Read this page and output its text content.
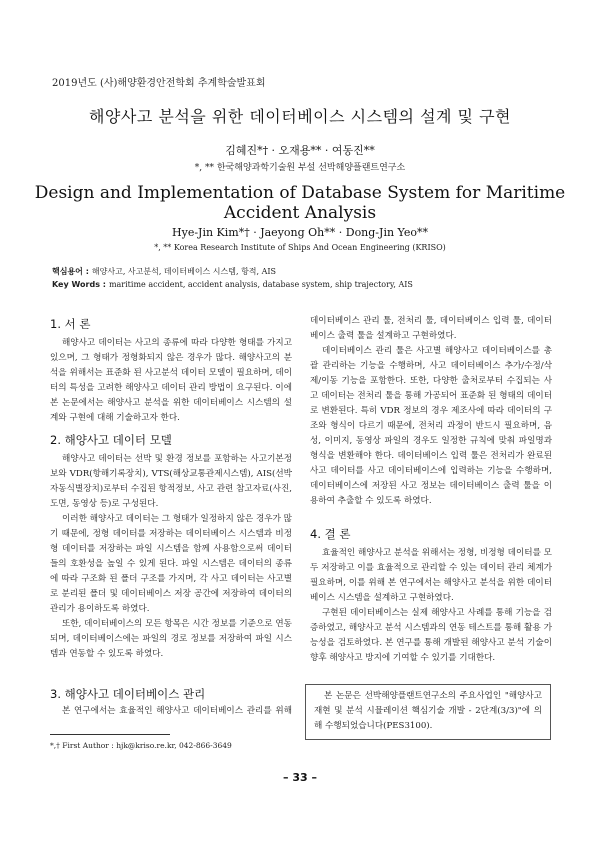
2019년도 (사)해양환경안전학회 추계학술발표회
해양사고 분석을 위한 데이터베이스 시스템의 설계 및 구현
김혜진*† · 오재용** · 여동진**
*, ** 한국해양과학기술원 부설 선박해양플랜트연구소
Design and Implementation of Database System for Maritime Accident Analysis
Hye-Jin Kim*† · Jaeyong Oh** · Dong-Jin Yeo**
*, ** Korea Research Institute of Ships And Ocean Engineering (KRISO)
핵심용어 : 해양사고, 사고분석, 데이터베이스 시스템, 항적, AIS
Key Words : maritime accident, accident analysis, database system, ship trajectory, AIS
1. 서 론

해양사고 데이터는 사고의 종류에 따라 다양한 형태를 가지고 있으며, 그 형태가 정형화되지 않은 경우가 많다. 해양사고의 분석을 위해서는 표준화 된 사고분석 데이터 모델이 필요하며, 데이터의 특성을 고려한 해양사고 데이터 관리 방법이 요구된다. 이에 본 논문에서는 해양사고 분석을 위한 데이터베이스 시스템의 설계와 구현에 대해 기술하고자 한다.

2. 해양사고 데이터 모델

해양사고 데이터는 선박 및 환경 정보를 포함하는 사고기본정보와 VDR(항해기록장치), VTS(해상교통관제시스템), AIS(선박자동식별장치)로부터 수집된 항적정보, 사고 관련 참고자료(사진, 도면, 동영상 등)로 구성된다.

이러한 해양사고 데이터는 그 형태가 일정하지 않은 경우가 많기 때문에, 정형 데이터를 저장하는 데이터베이스 시스템과 비정형 데이터를 저장하는 파일 시스템을 함께 사용함으로써 데이터들의 호환성을 높일 수 있게 된다. 파일 시스템은 데이터의 종류에 따라 구조화 된 폴더 구조를 가지며, 각 사고 데이터는 사고별로 분리된 폴더 및 데이터베이스 저장 공간에 저장하여 데이터의 관리가 용이하도록 하였다.

또한, 데이터베이스의 모든 항목은 시간 정보를 기준으로 연동되며, 데이터베이스에는 파일의 경로 정보를 저장하여 파일 시스템과 연동할 수 있도록 하였다.

3. 해양사고 데이터베이스 관리

본 연구에서는 효율적인 해양사고 데이터베이스 관리를 위해

*,† First Author : hjk@kriso.re.kr, 042-866-3649

데이터베이스 관리 툴, 전처리 툴, 데이터베이스 입력 툴, 데이터베이스 출력 툴을 설계하고 구현하였다.

데이터베이스 관리 툴은 사고별 해양사고 데이터베이스를 총괄 관리하는 기능을 수행하며, 사고 데이터베이스 추가/수정/삭제/이동 기능을 포함한다. 또한, 다양한 출처로부터 수집되는 사고 데이터는 전처리 툴을 통해 가공되어 표준화 된 형태의 데이터로 변환된다. 특히 VDR 정보의 경우 제조사에 따라 데이터의 구조와 형식이 다르기 때문에, 전처리 과정이 반드시 필요하며, 음성, 이미지, 동영상 파일의 경우도 일정한 규칙에 맞춰 파일명과 형식을 변환해야 한다. 데이터베이스 입력 툴은 전처리가 완료된 사고 데이터를 사고 데이터베이스에 입력하는 기능을 수행하며, 데이터베이스에 저장된 사고 정보는 데이터베이스 출력 툴을 이용하여 추출할 수 있도록 하였다.

4. 결 론

효율적인 해양사고 분석을 위해서는 정형, 비정형 데이터를 모두 저장하고 이를 효율적으로 관리할 수 있는 데이터 관리 체계가 필요하며, 이를 위해 본 연구에서는 해양사고 분석을 위한 데이터베이스 시스템을 설계하고 구현하였다.

구현된 데이터베이스는 실제 해양사고 사례를 통해 기능을 검증하였고, 해양사고 분석 시스템과의 연동 테스트를 통해 활용 가능성을 검토하였다. 본 연구를 통해 개발된 해양사고 분석 기술이 향후 해양사고 방지에 기여할 수 있기를 기대한다.

본 논문은 선박해양플랜트연구소의 주요사업인 "해양사고 재현 및 분석 시뮬레이션 핵심기술 개발 - 2단계(3/3)"에 의해 수행되었습니다(PES3100).

– 33 –
